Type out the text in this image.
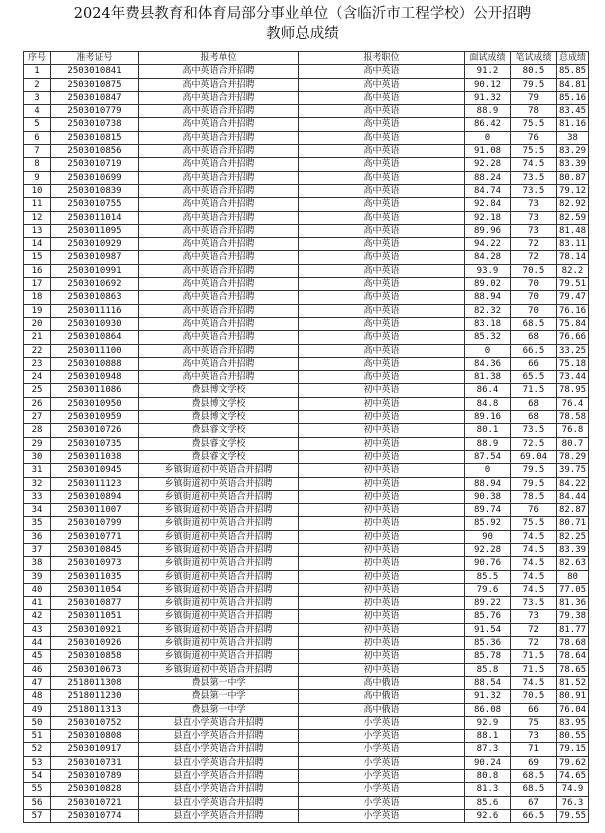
2024年费县教育和体育局部分事业单位（含临沂市工程学校）公开招聘
教师总成绩
序号	准考证号	报考单位	报考职位	面试成绩	笔试成绩	总成绩
1	2503010841	高中英语合并招聘	高中英语	91.2	80.5	85.85
2	2503010875	高中英语合并招聘	高中英语	90.12	79.5	84.81
3	2503010847	高中英语合并招聘	高中英语	91.32	79	85.16
4	2503010779	高中英语合并招聘	高中英语	88.9	78	83.45
5	2503010738	高中英语合并招聘	高中英语	86.42	75.5	81.16
6	2503010815	高中英语合并招聘	高中英语	0	76	38
7	2503010856	高中英语合并招聘	高中英语	91.08	75.5	83.29
8	2503010719	高中英语合并招聘	高中英语	92.28	74.5	83.39
9	2503010699	高中英语合并招聘	高中英语	88.24	73.5	80.87
10	2503010839	高中英语合并招聘	高中英语	84.74	73.5	79.12
11	2503010755	高中英语合并招聘	高中英语	92.84	73	82.92
12	2503011014	高中英语合并招聘	高中英语	92.18	73	82.59
13	2503011095	高中英语合并招聘	高中英语	89.96	73	81.48
14	2503010929	高中英语合并招聘	高中英语	94.22	72	83.11
15	2503010987	高中英语合并招聘	高中英语	84.28	72	78.14
16	2503010991	高中英语合并招聘	高中英语	93.9	70.5	82.2
17	2503010692	高中英语合并招聘	高中英语	89.02	70	79.51
18	2503010863	高中英语合并招聘	高中英语	88.94	70	79.47
19	2503011116	高中英语合并招聘	高中英语	82.32	70	76.16
20	2503010930	高中英语合并招聘	高中英语	83.18	68.5	75.84
21	2503010864	高中英语合并招聘	高中英语	85.32	68	76.66
22	2503011100	高中英语合并招聘	高中英语	0	66.5	33.25
23	2503010888	高中英语合并招聘	高中英语	84.36	66	75.18
24	2503010948	高中英语合并招聘	高中英语	81.38	65.5	73.44
25	2503011086	费县博文学校	初中英语	86.4	71.5	78.95
26	2503010950	费县博文学校	初中英语	84.8	68	76.4
27	2503010959	费县博文学校	初中英语	89.16	68	78.58
28	2503010726	费县睿文学校	初中英语	80.1	73.5	76.8
29	2503010735	费县睿文学校	初中英语	88.9	72.5	80.7
30	2503011038	费县睿文学校	初中英语	87.54	69.04	78.29
31	2503010945	乡镇街道初中英语合并招聘	初中英语	0	79.5	39.75
32	2503011123	乡镇街道初中英语合并招聘	初中英语	88.94	79.5	84.22
33	2503010894	乡镇街道初中英语合并招聘	初中英语	90.38	78.5	84.44
34	2503011007	乡镇街道初中英语合并招聘	初中英语	89.74	76	82.87
35	2503010799	乡镇街道初中英语合并招聘	初中英语	85.92	75.5	80.71
36	2503010771	乡镇街道初中英语合并招聘	初中英语	90	74.5	82.25
37	2503010845	乡镇街道初中英语合并招聘	初中英语	92.28	74.5	83.39
38	2503010973	乡镇街道初中英语合并招聘	初中英语	90.76	74.5	82.63
39	2503011035	乡镇街道初中英语合并招聘	初中英语	85.5	74.5	80
40	2503011054	乡镇街道初中英语合并招聘	初中英语	79.6	74.5	77.05
41	2503010877	乡镇街道初中英语合并招聘	初中英语	89.22	73.5	81.36
42	2503011051	乡镇街道初中英语合并招聘	初中英语	85.76	73	79.38
43	2503010921	乡镇街道初中英语合并招聘	初中英语	91.54	72	81.77
44	2503010926	乡镇街道初中英语合并招聘	初中英语	85.36	72	78.68
45	2503010858	乡镇街道初中英语合并招聘	初中英语	85.78	71.5	78.64
46	2503010673	乡镇街道初中英语合并招聘	初中英语	85.8	71.5	78.65
47	2518011308	费县第一中学	高中俄语	88.54	74.5	81.52
48	2518011230	费县第一中学	高中俄语	91.32	70.5	80.91
49	2518011313	费县第一中学	高中俄语	86.08	66	76.04
50	2503010752	县直小学英语合并招聘	小学英语	92.9	75	83.95
51	2503010808	县直小学英语合并招聘	小学英语	88.1	73	80.55
52	2503010917	县直小学英语合并招聘	小学英语	87.3	71	79.15
53	2503010731	县直小学英语合并招聘	小学英语	90.24	69	79.62
54	2503010789	县直小学英语合并招聘	小学英语	80.8	68.5	74.65
55	2503010828	县直小学英语合并招聘	小学英语	81.3	68.5	74.9
56	2503010721	县直小学英语合并招聘	小学英语	85.6	67	76.3
57	2503010774	县直小学英语合并招聘	小学英语	92.6	66.5	79.55
